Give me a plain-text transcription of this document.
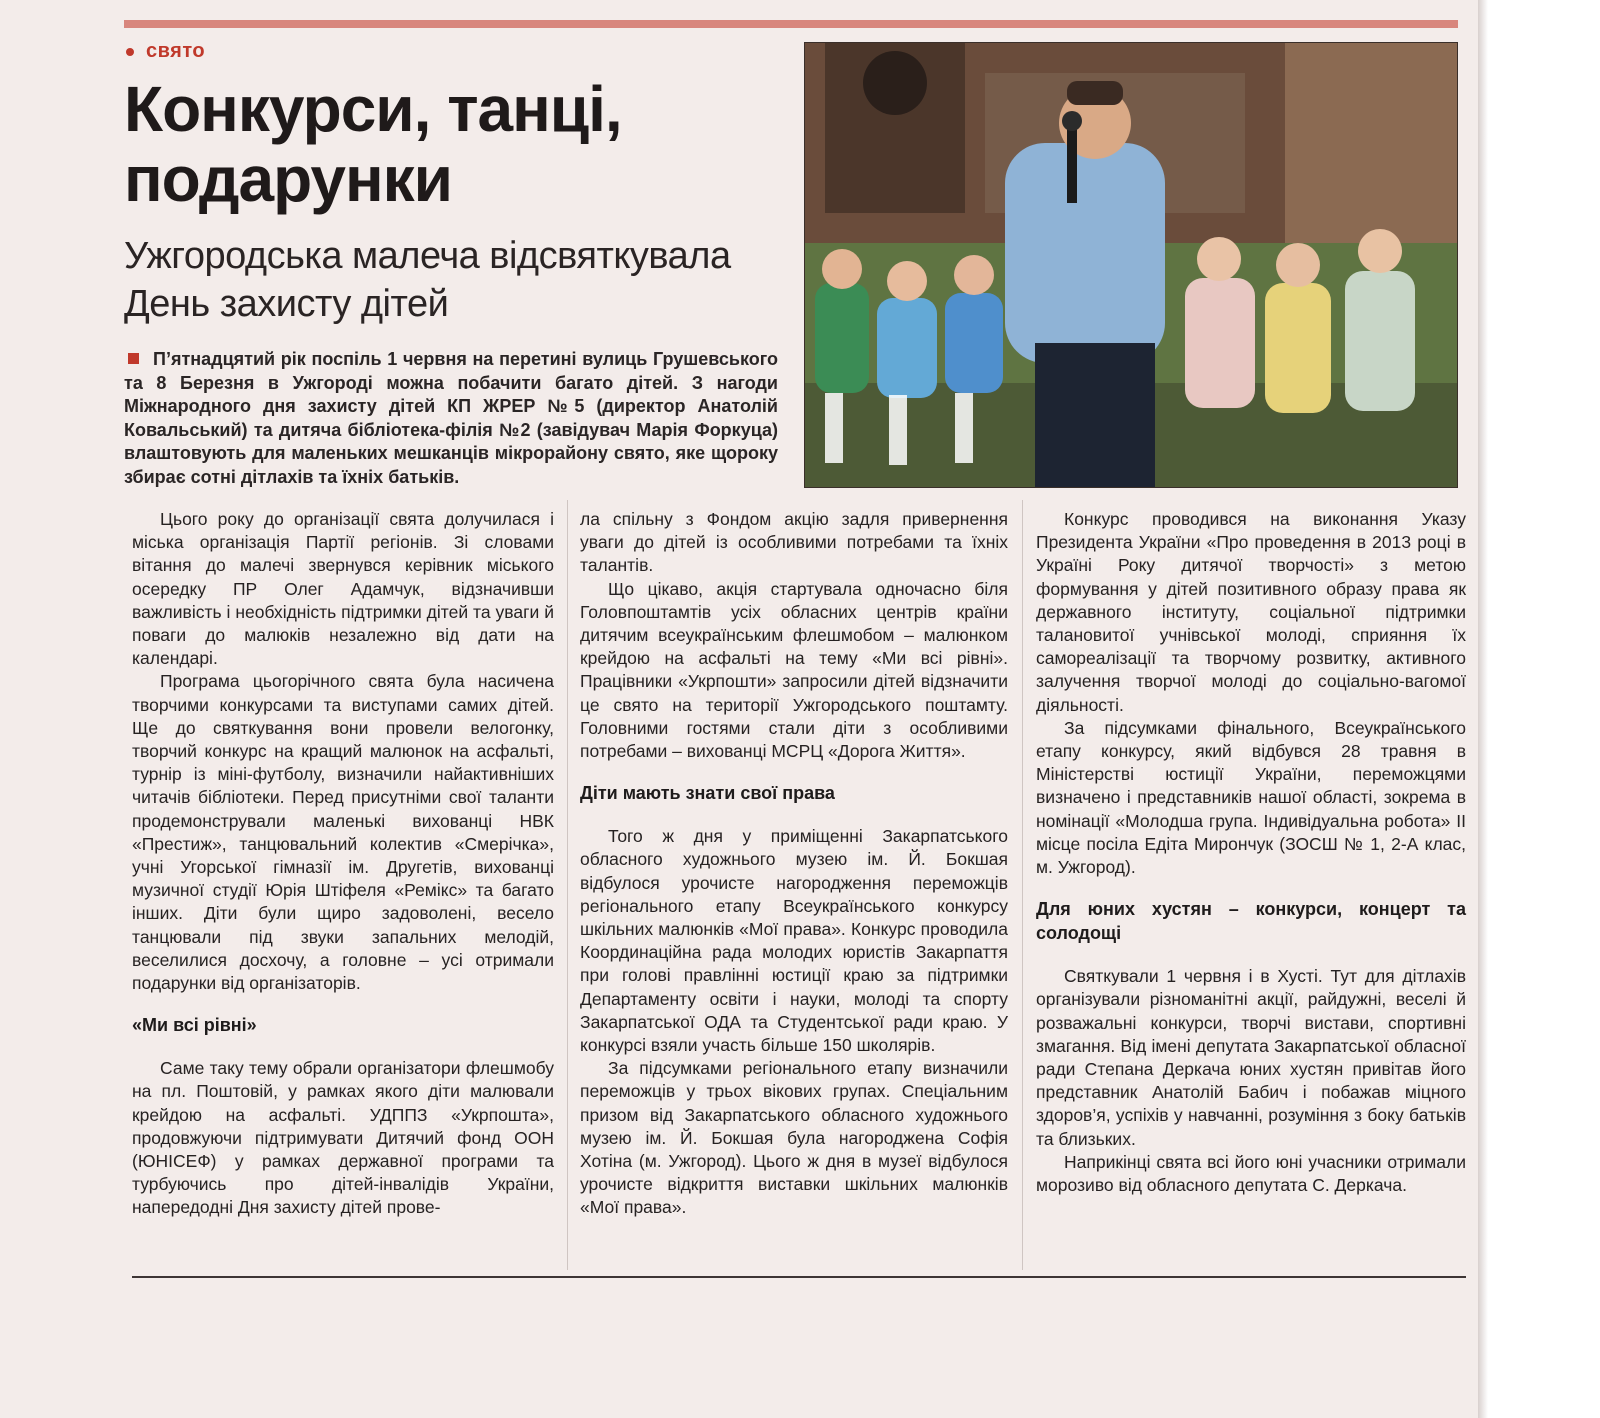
свято
Конкурси, танці, подарунки
Ужгородська малеча відсвяткувала День захисту дітей
П’ятнадцятий рік поспіль 1 червня на перетині вулиць Грушевського та 8 Березня в Ужгороді можна побачити багато дітей. З нагоди Міжнародного дня захисту дітей КП ЖРЕР №5 (директор Анатолій Ковальський) та дитяча бібліотека-філія №2 (завідувач Марія Форкуца) влаштовують для маленьких мешканців мікрорайону свято, яке щороку збирає сотні дітлахів та їхніх батьків.

Цього року до організації свята долучилася і міська організація Партії регіонів. Зі словами вітання до малечі звернувся керівник міського осередку ПР Олег Адамчук, відзначивши важливість і необхідність підтримки дітей та уваги й поваги до малюків незалежно від дати на календарі.

Програма цьогорічного свята була насичена творчими конкурсами та виступами самих дітей. Ще до святкування вони провели велогонку, творчий конкурс на кращий малюнок на асфальті, турнір із міні-футболу, визначили найактивніших читачів бібліотеки. Перед присутніми свої таланти продемонстрували маленькі вихованці НВК «Престиж», танцювальний колектив «Смерічка», учні Угорської гімназії ім. Другетів, вихованці музичної студії Юрія Штіфеля «Ремікс» та багато інших. Діти були щиро задоволені, весело танцювали під звуки запальних мелодій, веселилися досхочу, а головне – усі отримали подарунки від організаторів.

«Ми всі рівні»

Саме таку тему обрали організатори флешмобу на пл. Поштовій, у рамках якого діти малювали крейдою на асфальті. УДППЗ «Укрпошта», продовжуючи підтримувати Дитячий фонд ООН (ЮНІСЕФ) у рамках державної програми та турбуючись про дітей-інвалідів України, напередодні Дня захисту дітей прове-

ла спільну з Фондом акцію задля привернення уваги до дітей із особливими потребами та їхніх талантів.

Що цікаво, акція стартувала одночасно біля Головпоштамтів усіх обласних центрів країни дитячим всеукраїнським флешмобом – малюнком крейдою на асфальті на тему «Ми всі рівні». Працівники «Укрпошти» запросили дітей відзначити це свято на території Ужгородського поштамту. Головними гостями стали діти з особливими потребами – вихованці МСРЦ «Дорога Життя».

Діти мають знати свої права

Того ж дня у приміщенні Закарпатського обласного художнього музею ім. Й. Бокшая відбулося урочисте нагородження переможців регіонального етапу Всеукраїнського конкурсу шкільних малюнків «Мої права». Конкурс проводила Координаційна рада молодих юристів Закарпаття при голові правлінні юстиції краю за підтримки Департаменту освіти і науки, молоді та спорту Закарпатської ОДА та Студентської ради краю. У конкурсі взяли участь більше 150 школярів.

За підсумками регіонального етапу визначили переможців у трьох вікових групах. Спеціальним призом від Закарпатського обласного художнього музею ім. Й. Бокшая була нагороджена Софія Хотіна (м. Ужгород). Цього ж дня в музеї відбулося урочисте відкриття виставки шкільних малюнків «Мої права».

Конкурс проводився на виконання Указу Президента України «Про проведення в 2013 році в Україні Року дитячої творчості» з метою формування у дітей позитивного образу права як державного інституту, соціальної підтримки талановитої учнівської молоді, сприяння їх самореалізації та творчому розвитку, активного залучення творчої молоді до соціально-вагомої діяльності.

За підсумками фінального, Всеукраїнського етапу конкурсу, який відбувся 28 травня в Міністерстві юстиції України, переможцями визначено і представників нашої області, зокрема в номінації «Молодша група. Індивідуальна робота» II місце посіла Едіта Мирончук (ЗОСШ № 1, 2-А клас, м. Ужгород).

Для юних хустян – конкурси, концерт та солодощі

Святкували 1 червня і в Хусті. Тут для дітлахів організували різноманітні акції, райдужні, веселі й розважальні конкурси, творчі вистави, спортивні змагання. Від імені депутата Закарпатської обласної ради Степана Деркача юних хустян привітав його представник Анатолій Бабич і побажав міцного здоров’я, успіхів у навчанні, розуміння з боку батьків та близьких.

Наприкінці свята всі його юні учасники отримали морозиво від обласного депутата С. Деркача.
